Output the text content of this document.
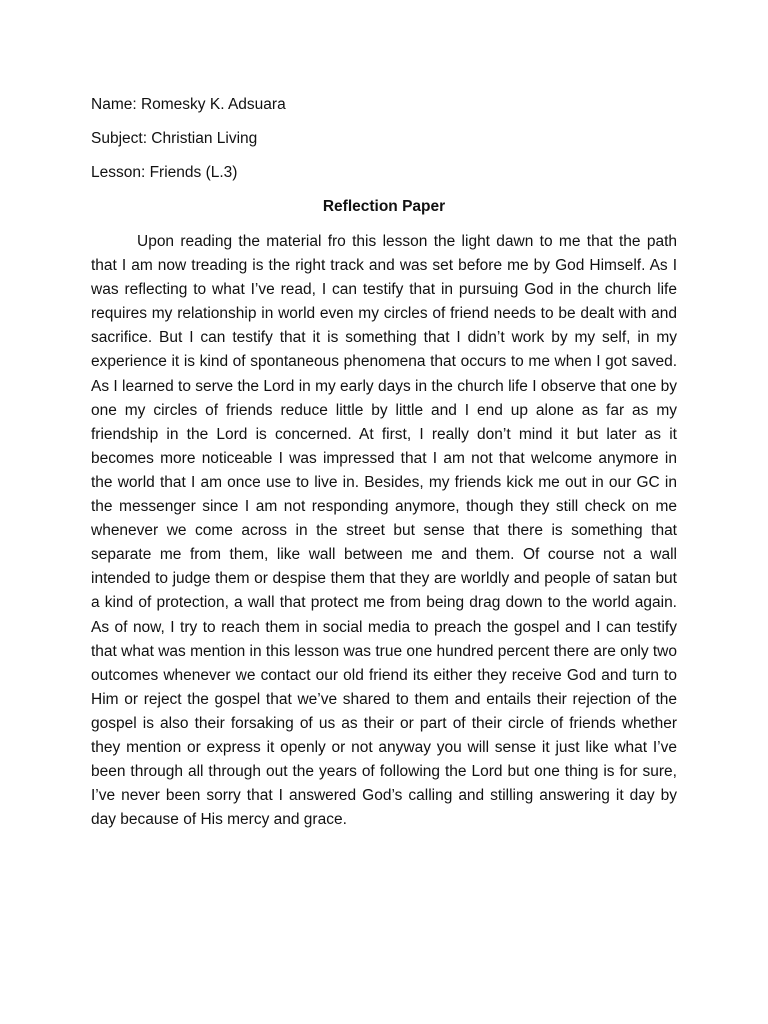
Name: Romesky K. Adsuara
Subject: Christian Living
Lesson: Friends (L.3)
Reflection Paper

Upon reading the material fro this lesson the light dawn to me that the path that I am now treading is the right track and was set before me by God Himself. As I was reflecting to what I’ve read, I can testify that in pursuing God in the church life requires my relationship in world even my circles of friend needs to be dealt with and sacrifice. But I can testify that it is something that I didn’t work by my self, in my experience it is kind of spontaneous phenomena that occurs to me when I got saved. As I learned to serve the Lord in my early days in the church life I observe that one by one my circles of friends reduce little by little and I end up alone as far as my friendship in the Lord is concerned. At first, I really don’t mind it but later as it becomes more noticeable I was impressed that I am not that welcome anymore in the world that I am once use to live in. Besides, my friends kick me out in our GC in the messenger since I am not responding anymore, though they still check on me whenever we come across in the street but sense that there is something that separate me from them, like wall between me and them. Of course not a wall intended to judge them or despise them that they are worldly and people of satan but a kind of protection, a wall that protect me from being drag down to the world again. As of now, I try to reach them in social media to preach the gospel and I can testify that what was mention in this lesson was true one hundred percent there are only two outcomes whenever we contact our old friend its either they receive God and turn to Him or reject the gospel that we’ve shared to them and entails their rejection of the gospel is also their forsaking of us as their or part of their circle of friends whether they mention or express it openly or not anyway you will sense it just like what I’ve been through all through out the years of following the Lord but one thing is for sure, I’ve never been sorry that I answered God’s calling and stilling answering it day by day because of His mercy and grace.
